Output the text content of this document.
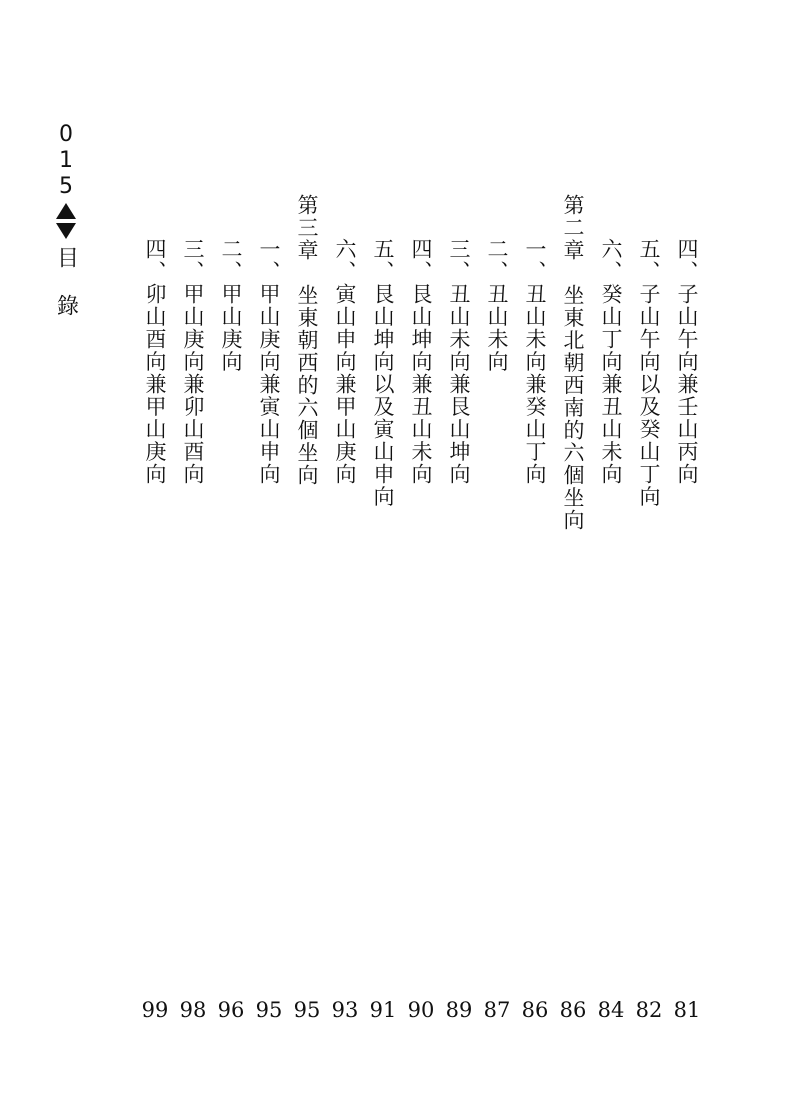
0
1
5
目錄	四、子山午向兼壬山丙向
81
五、子山午向以及癸山丁向
82
六、癸山丁向兼丑山未向
84
第二章　坐東北朝西南的六個坐向
86
一、丑山未向兼癸山丁向
86
二、丑山未向
87
三、丑山未向兼艮山坤向
89
四、艮山坤向兼丑山未向
90
五、艮山坤向以及寅山申向
91
六、寅山申向兼甲山庚向
93
第三章　坐東朝西的六個坐向
95
一、甲山庚向兼寅山申向
95
二、甲山庚向
96
三、甲山庚向兼卯山酉向
98
四、卯山酉向兼甲山庚向
99
